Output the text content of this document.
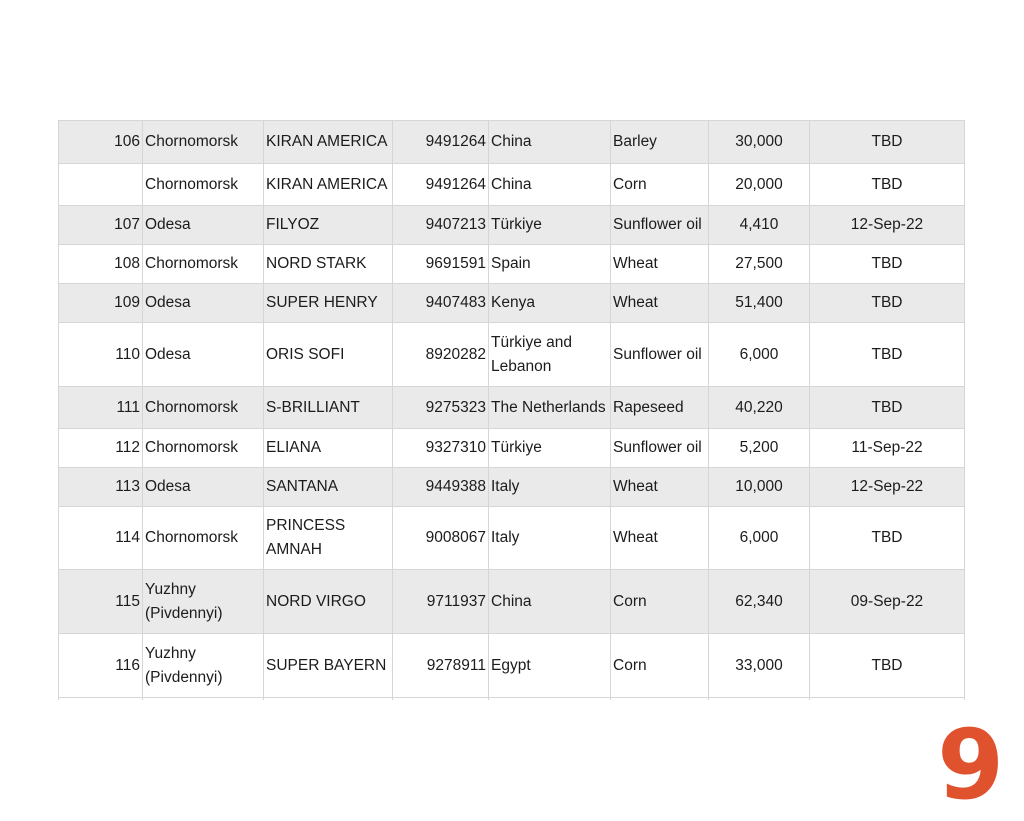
106	Chornomorsk	KIRAN AMERICA	9491264	China	Barley	30,000	TBD
	Chornomorsk	KIRAN AMERICA	9491264	China	Corn	20,000	TBD
107	Odesa	FILYOZ	9407213	Türkiye	Sunflower oil	4,410	12-Sep-22
108	Chornomorsk	NORD STARK	9691591	Spain	Wheat	27,500	TBD
109	Odesa	SUPER HENRY	9407483	Kenya	Wheat	51,400	TBD
110	Odesa	ORIS SOFI	8920282	Türkiye and Lebanon	Sunflower oil	6,000	TBD
111	Chornomorsk	S-BRILLIANT	9275323	The Netherlands	Rapeseed	40,220	TBD
112	Chornomorsk	ELIANA	9327310	Türkiye	Sunflower oil	5,200	11-Sep-22
113	Odesa	SANTANA	9449388	Italy	Wheat	10,000	12-Sep-22
114	Chornomorsk	PRINCESS AMNAH	9008067	Italy	Wheat	6,000	TBD
115	Yuzhny (Pivdennyi)	NORD VIRGO	9711937	China	Corn	62,340	09-Sep-22
116	Yuzhny (Pivdennyi)	SUPER BAYERN	9278911	Egypt	Corn	33,000	TBD

9
